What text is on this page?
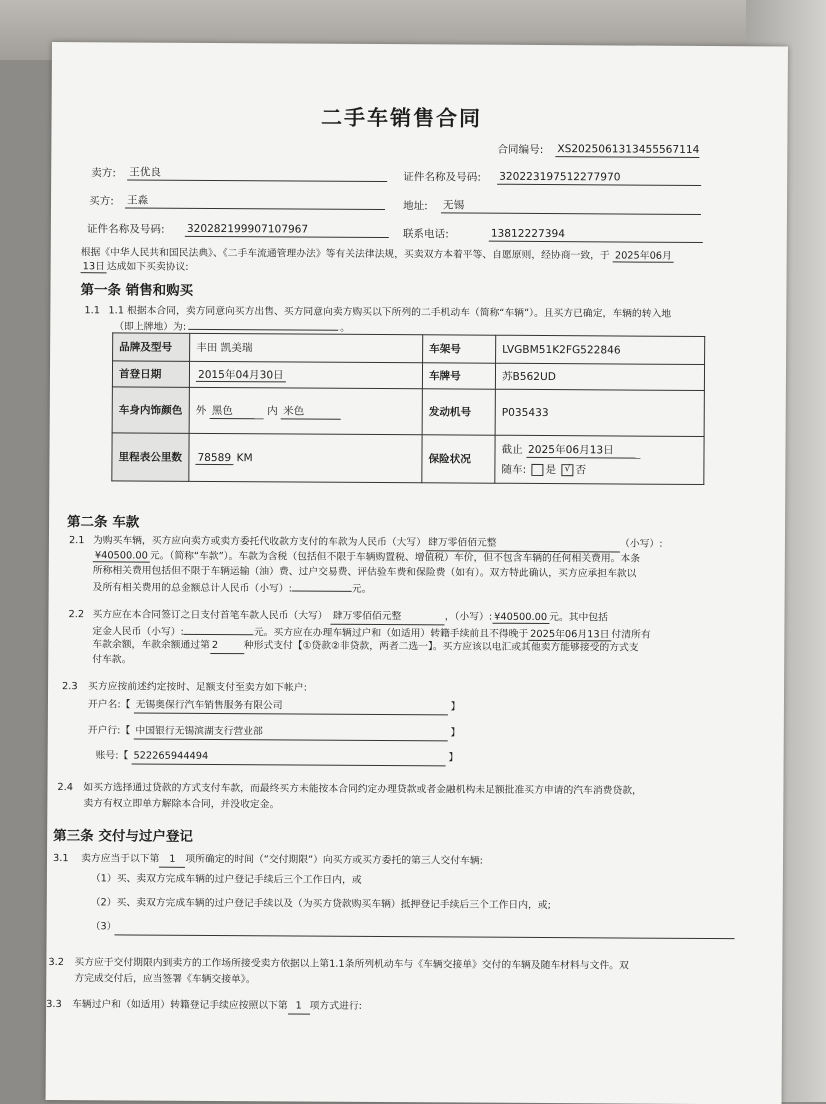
二手车销售合同
合同编号: XS2025061313455567114
卖方: 王优良	证件名称及号码: 320223197512277970
买方: 王淼	地址: 无锡
证件名称及号码: 320282199907107967	联系电话:	13812227394
根据《中华人民共和国民法典》、《二手车流通管理办法》等有关法律法规，买卖双方本着平等、自愿原则，经协商一致，于 2025年06月
13日 达成如下买卖协议:
第一条 销售和购买
1.1 1.1 根据本合同，卖方同意向买方出售、买方同意向卖方购买以下所列的二手机动车（简称“车辆”）。且买方已确定，车辆的转入地
（即上牌地）为:	。
品牌及型号	丰田 凯美瑞	车架号	LVGBM51K2FG522846
首登日期	2015年04月30日	车牌号	苏B562UD
车身内饰颜色	外 黑色 内 米色	发动机号	P035433
里程表公里数	78589 KM	保险状况	截止 2025年06月13日
随车: 是 √ 否
第二条 车款
2.1 为购买车辆，买方应向卖方或卖方委托代收款方支付的车款为人民币（大写） 肆万零佰佰元整	（小写）:
¥40500.00 元。（简称“车款”）。车款为含税（包括但不限于车辆购置税、增值税）车价，但不包含车辆的任何相关费用。本条
所称相关费用包括但不限于车辆运输（油）费、过户交易费、评估验车费和保险费（如有）。双方特此确认，买方应承担车款以
及所有相关费用的总金额总计人民币（小写）:	元。
2.2 买方应在本合同签订之日支付首笔车款人民币（大写） 肆万零佰佰元整	，（小写）: ¥40500.00 元。其中包括
定金人民币（小写）:	元。买方应在办理车辆过户和（如适用）转籍手续前且不得晚于 2025年06月13日 付清所有
车款余额，车款余额通过第 2	种形式支付【①贷款②非贷款，两者二选一】。买方应该以电汇或其他卖方能够接受的方式支
付车款。
2.3 买方应按前述约定按时、足额支付至卖方如下帐户:
开户名:【 无锡奥保行汽车销售服务有限公司	】
开户行:【 中国银行无锡滨湖支行营业部	】
账号:【 522265944494	】
2.4 如买方选择通过贷款的方式支付车款，而最终买方未能按本合同约定办理贷款或者金融机构未足额批准买方申请的汽车消费贷款，
卖方有权立即单方解除本合同，并没收定金。
第三条 交付与过户登记
3.1 卖方应当于以下第 1 项所确定的时间（“交付期限”）向买方或买方委托的第三人交付车辆:
（1）买、卖双方完成车辆的过户登记手续后三个工作日内，或
（2）买、卖双方完成车辆的过户登记手续以及（为买方贷款购买车辆）抵押登记手续后三个工作日内，或;
（3）
3.2 买方应于交付期限内到卖方的工作场所接受卖方依据以上第1.1条所列机动车与《车辆交接单》交付的车辆及随车材料与文件。双
方完成交付后，应当签署《车辆交接单》。
3.3 车辆过户和（如适用）转籍登记手续应按照以下第 1 项方式进行:
